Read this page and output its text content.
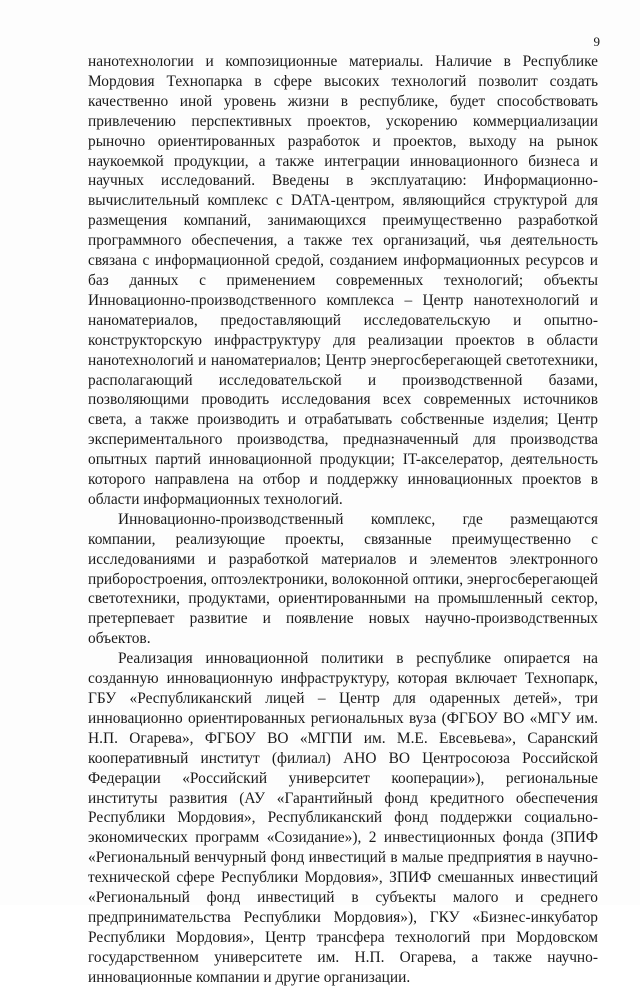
9

нанотехнологии и композиционные материалы. Наличие в Республике Мордовия Технопарка в сфере высоких технологий позволит создать качественно иной уровень жизни в республике, будет способствовать привлечению перспективных проектов, ускорению коммерциализации рыночно ориентированных разработок и проектов, выходу на рынок наукоемкой продукции, а также интеграции инновационного бизнеса и научных исследований. Введены в эксплуатацию: Информационно-вычислительный комплекс с DATA-центром, являющийся структурой для размещения компаний, занимающихся преимущественно разработкой программного обеспечения, а также тех организаций, чья деятельность связана с информационной средой, созданием информационных ресурсов и баз данных с применением современных технологий; объекты Инновационно-производственного комплекса – Центр нанотехнологий и наноматериалов, предоставляющий исследовательскую и опытно-конструкторскую инфраструктуру для реализации проектов в области нанотехнологий и наноматериалов; Центр энергосберегающей светотехники, располагающий исследовательской и производственной базами, позволяющими проводить исследования всех современных источников света, а также производить и отрабатывать собственные изделия; Центр экспериментального производства, предназначенный для производства опытных партий инновационной продукции; IT-акселератор, деятельность которого направлена на отбор и поддержку инновационных проектов в области информационных технологий.

Инновационно-производственный комплекс, где размещаются компании, реализующие проекты, связанные преимущественно с исследованиями и разработкой материалов и элементов электронного приборостроения, оптоэлектроники, волоконной оптики, энергосберегающей светотехники, продуктами, ориентированными на промышленный сектор, претерпевает развитие и появление новых научно-производственных объектов.

Реализация инновационной политики в республике опирается на созданную инновационную инфраструктуру, которая включает Технопарк, ГБУ «Республиканский лицей – Центр для одаренных детей», три инновационно ориентированных региональных вуза (ФГБОУ ВО «МГУ им. Н.П. Огарева», ФГБОУ ВО «МГПИ им. М.Е. Евсевьева», Саранский кооперативный институт (филиал) АНО ВО Центросоюза Российской Федерации «Российский университет кооперации»), региональные институты развития (АУ «Гарантийный фонд кредитного обеспечения Республики Мордовия», Республиканский фонд поддержки социально-экономических программ «Созидание»), 2 инвестиционных фонда (ЗПИФ «Региональный венчурный фонд инвестиций в малые предприятия в научно-технической сфере Республики Мордовия», ЗПИФ смешанных инвестиций «Региональный фонд инвестиций в субъекты малого и среднего предпринимательства Республики Мордовия»), ГКУ «Бизнес-инкубатор Республики Мордовия», Центр трансфера технологий при Мордовском государственном университете им. Н.П. Огарева, а также научно-инновационные компании и другие организации.
